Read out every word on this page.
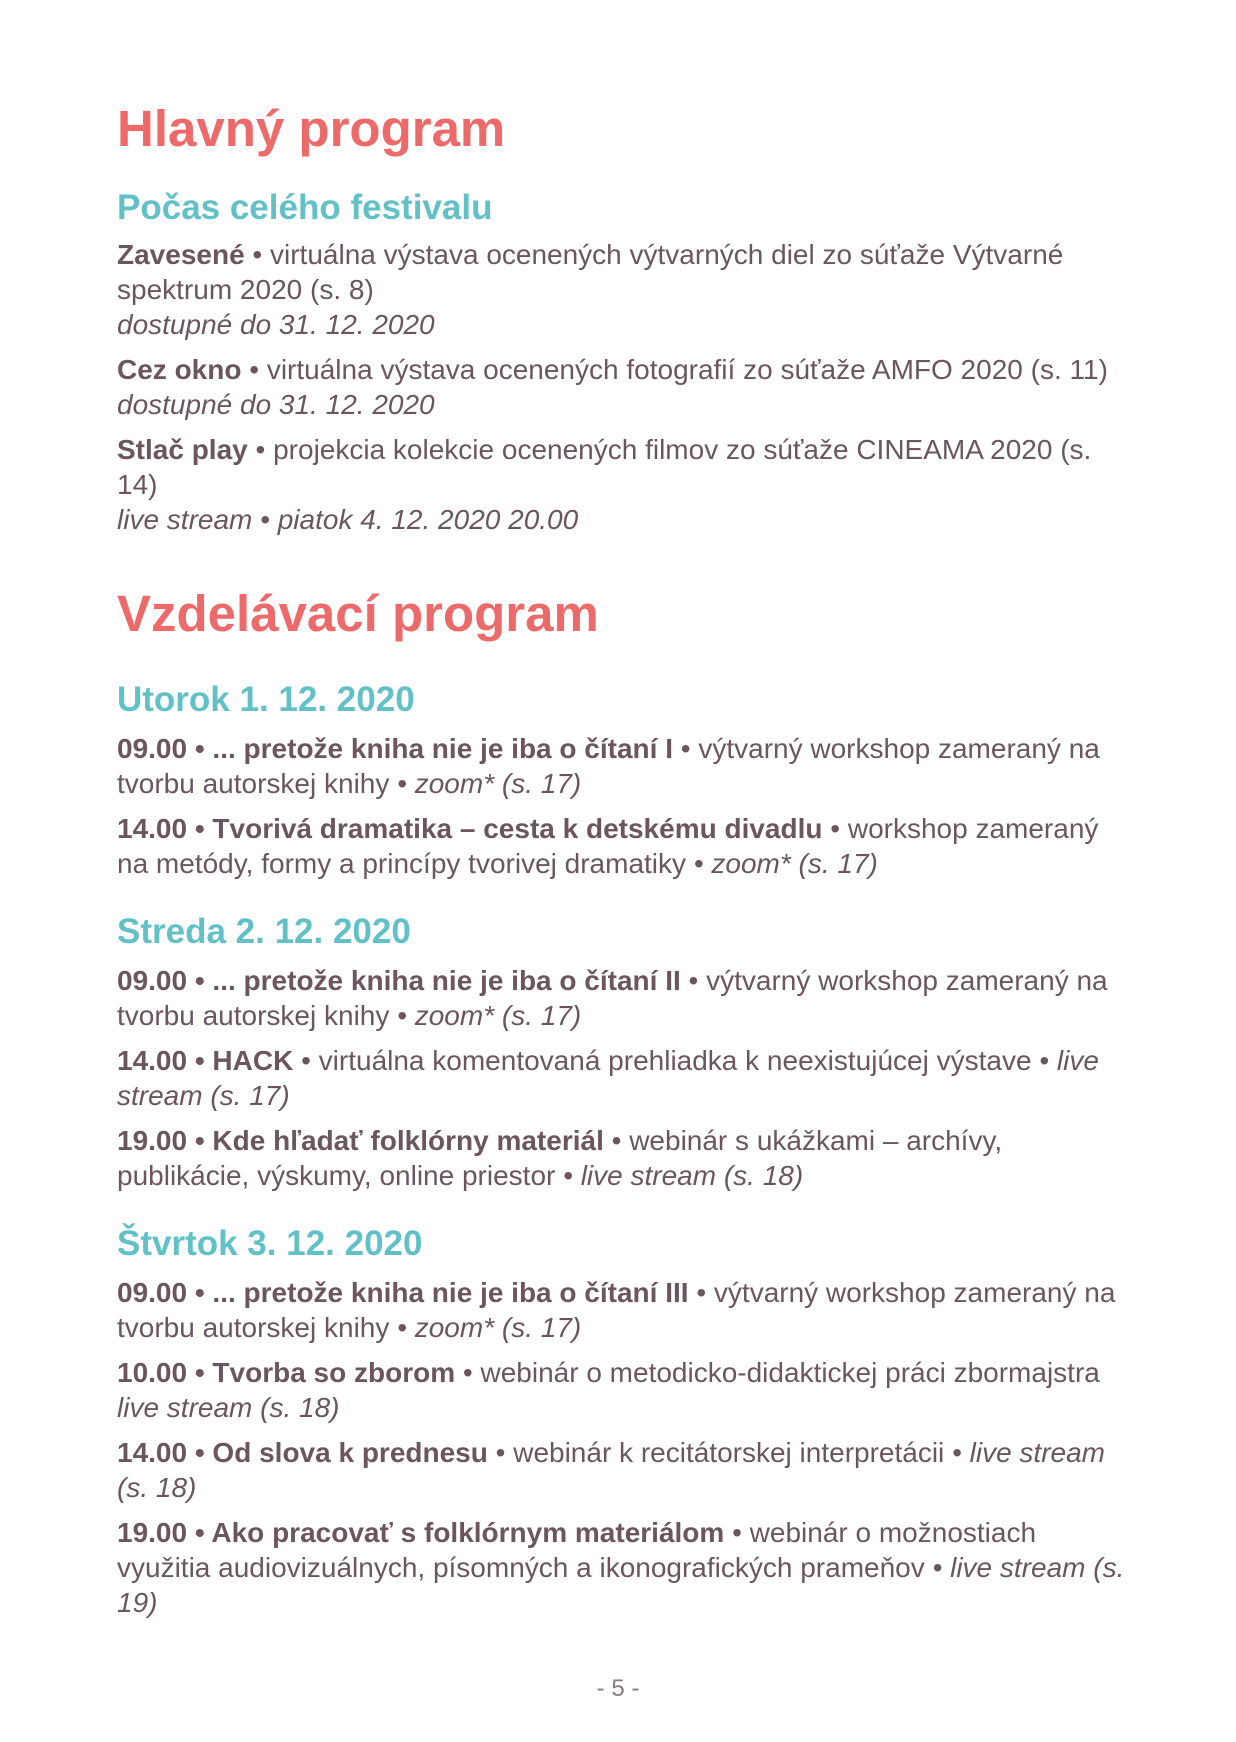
Hlavný program
Počas celého festivalu

Zavesené • virtuálna výstava ocenených výtvarných diel zo súťaže Výtvarné spektrum 2020 (s. 8)
dostupné do 31. 12. 2020

Cez okno • virtuálna výstava ocenených fotografií zo súťaže AMFO 2020 (s. 11)
dostupné do 31. 12. 2020

Stlač play • projekcia kolekcie ocenených filmov zo súťaže CINEAMA 2020 (s. 14)
live stream • piatok 4. 12. 2020 20.00

Vzdelávací program
Utorok 1. 12. 2020

09.00 • ... pretože kniha nie je iba o čítaní I • výtvarný workshop zameraný na tvorbu autorskej knihy • zoom* (s. 17)

14.00 • Tvorivá dramatika – cesta k detskému divadlu • workshop zameraný na metódy, formy a princípy tvorivej dramatiky • zoom* (s. 17)

Streda 2. 12. 2020

09.00 • ... pretože kniha nie je iba o čítaní II • výtvarný workshop zameraný na tvorbu autorskej knihy • zoom* (s. 17)

14.00 • HACK • virtuálna komentovaná prehliadka k neexistujúcej výstave • live stream (s. 17)

19.00 • Kde hľadať folklórny materiál • webinár s ukážkami – archívy, publikácie, výskumy, online priestor • live stream (s. 18)

Štvrtok 3. 12. 2020

09.00 • ... pretože kniha nie je iba o čítaní III • výtvarný workshop zameraný na tvorbu autorskej knihy • zoom* (s. 17)

10.00 • Tvorba so zborom • webinár o metodicko-didaktickej práci zbormajstra
live stream (s. 18)

14.00 • Od slova k prednesu • webinár k recitátorskej interpretácii • live stream (s. 18)

19.00 • Ako pracovať s folklórnym materiálom • webinár o možnostiach využitia audiovizuálnych, písomných a ikonografických prameňov • live stream (s. 19)

- 5 -
